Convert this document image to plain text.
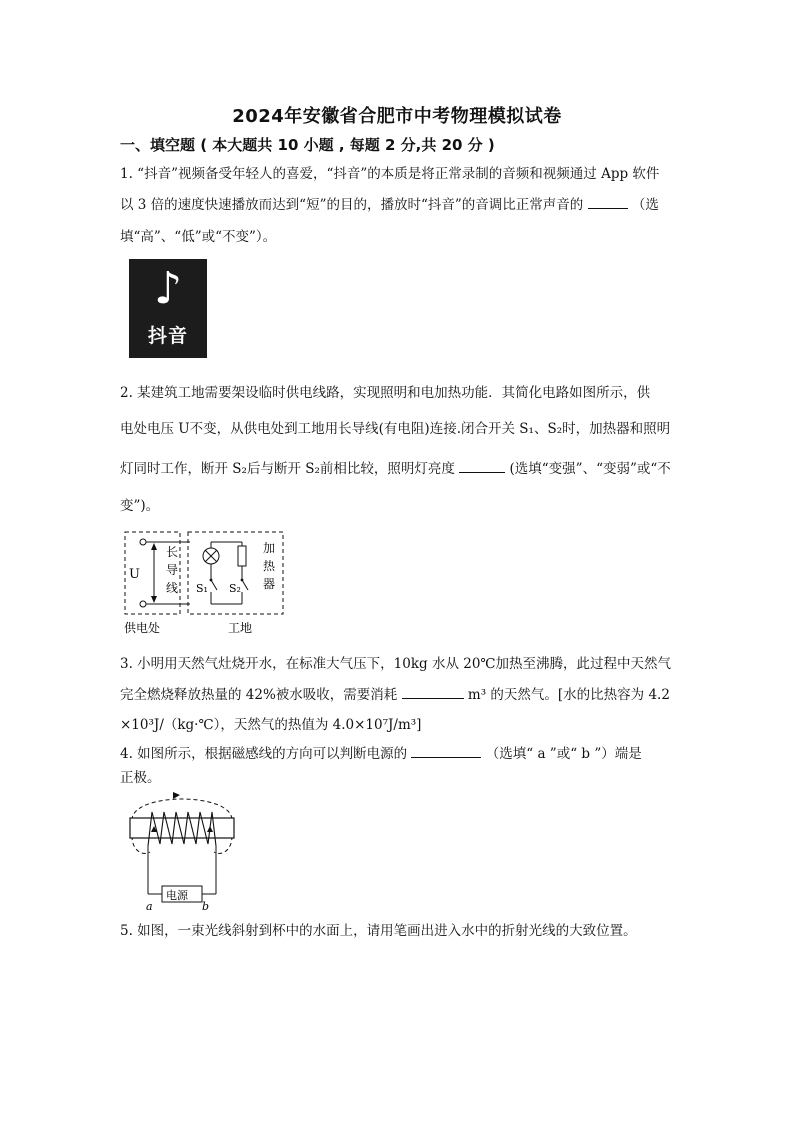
2024年安徽省合肥市中考物理模拟试卷
一、填空题 ( 本大题共 10 小题 , 每题 2 分,共 20 分 )
1. “抖音”视频备受年轻人的喜爱，“抖音”的本质是将正常录制的音频和视频通过 App 软件
以 3 倍的速度快速播放而达到“短”的目的，播放时“抖音”的音调比正常声音的	（选
填“高”、“低”或“不变”）。
♪
抖音
2. 某建筑工地需要架设临时供电线路，实现照明和电加热功能．其简化电路如图所示，供
电处电压 U不变，从供电处到工地用长导线(有电阻)连接.闭合开关 S₁、S₂时，加热器和照明
灯同时工作，断开 S₂后与断开 S₂前相比较，照明灯亮度	(选填“变强”、“变弱”或“不
变”)。
U
长
导
线 S₁ S₂
加
热
器
供电处	工地
3. 小明用天然气灶烧开水，在标准大气压下，10kg 水从 20℃加热至沸腾，此过程中天然气
完全燃烧释放热量的 42%被水吸收，需要消耗	m³ 的天然气。[水的比热容为 4.2
×10³J/（kg·℃），天然气的热值为 4.0×10⁷J/m³]
4. 如图所示，根据磁感线的方向可以判断电源的	（选填“ a ”或“ b ”）端是
正极。
电源
a	b
5. 如图，一束光线斜射到杯中的水面上，请用笔画出进入水中的折射光线的大致位置。
